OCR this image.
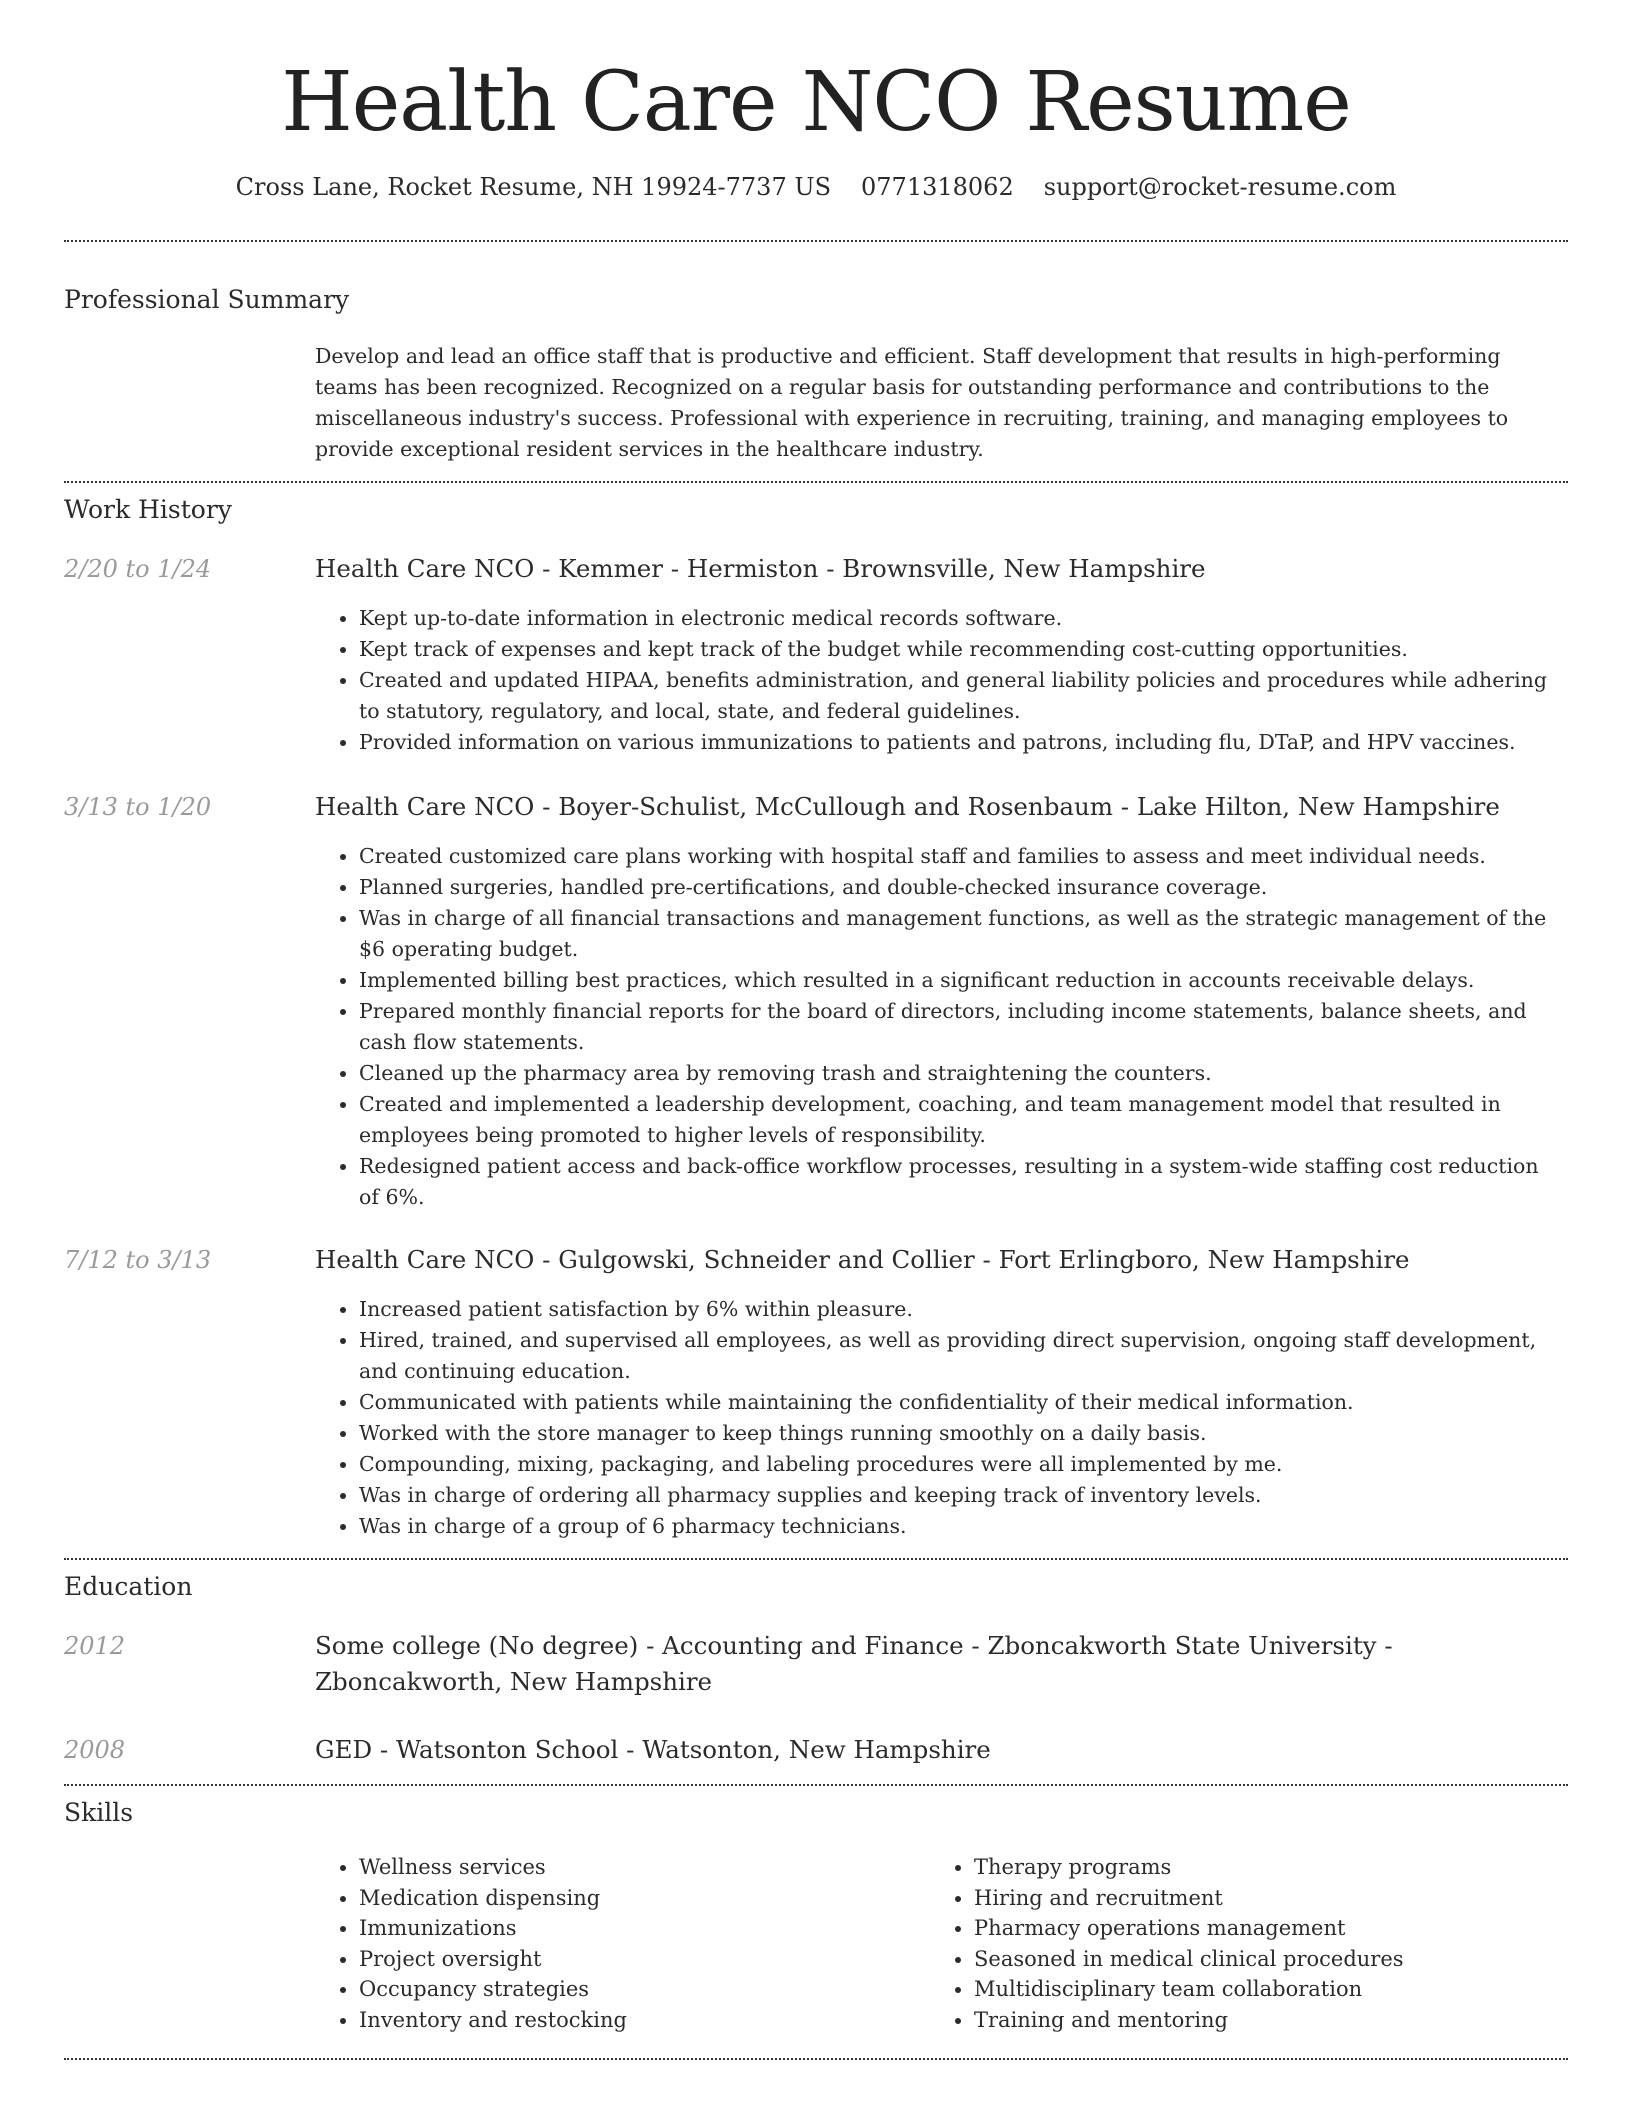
Health Care NCO Resume
Cross Lane, Rocket Resume, NH 19924-7737 US 0771318062 support@rocket-resume.com
Professional Summary

Develop and lead an office staff that is productive and efficient. Staff development that results in high-performing teams has been recognized. Recognized on a regular basis for outstanding performance and contributions to the miscellaneous industry's success. Professional with experience in recruiting, training, and managing employees to provide exceptional resident services in the healthcare industry.

Work History
2/20 to 1/24	Health Care NCO - Kemmer - Hermiston - Brownsville, New Hampshire
• Kept up-to-date information in electronic medical records software.
• Kept track of expenses and kept track of the budget while recommending cost-cutting opportunities.
• Created and updated HIPAA, benefits administration, and general liability policies and procedures while adhering to statutory, regulatory, and local, state, and federal guidelines.
• Provided information on various immunizations to patients and patrons, including flu, DTaP, and HPV vaccines.
3/13 to 1/20	Health Care NCO - Boyer-Schulist, McCullough and Rosenbaum - Lake Hilton, New Hampshire
• Created customized care plans working with hospital staff and families to assess and meet individual needs.
• Planned surgeries, handled pre-certifications, and double-checked insurance coverage.
• Was in charge of all financial transactions and management functions, as well as the strategic management of the $6 operating budget.
• Implemented billing best practices, which resulted in a significant reduction in accounts receivable delays.
• Prepared monthly financial reports for the board of directors, including income statements, balance sheets, and cash flow statements.
• Cleaned up the pharmacy area by removing trash and straightening the counters.
• Created and implemented a leadership development, coaching, and team management model that resulted in employees being promoted to higher levels of responsibility.
• Redesigned patient access and back-office workflow processes, resulting in a system-wide staffing cost reduction of 6%.
7/12 to 3/13	Health Care NCO - Gulgowski, Schneider and Collier - Fort Erlingboro, New Hampshire
• Increased patient satisfaction by 6% within pleasure.
• Hired, trained, and supervised all employees, as well as providing direct supervision, ongoing staff development, and continuing education.
• Communicated with patients while maintaining the confidentiality of their medical information.
• Worked with the store manager to keep things running smoothly on a daily basis.
• Compounding, mixing, packaging, and labeling procedures were all implemented by me.
• Was in charge of ordering all pharmacy supplies and keeping track of inventory levels.
• Was in charge of a group of 6 pharmacy technicians.
Education
2012	Some college (No degree) - Accounting and Finance - Zboncakworth State University - Zboncakworth, New Hampshire
2008	GED - Watsonton School - Watsonton, New Hampshire
Skills
• Wellness services
• Medication dispensing
• Immunizations
• Project oversight
• Occupancy strategies
• Inventory and restocking
• Therapy programs
• Hiring and recruitment
• Pharmacy operations management
• Seasoned in medical clinical procedures
• Multidisciplinary team collaboration
• Training and mentoring
